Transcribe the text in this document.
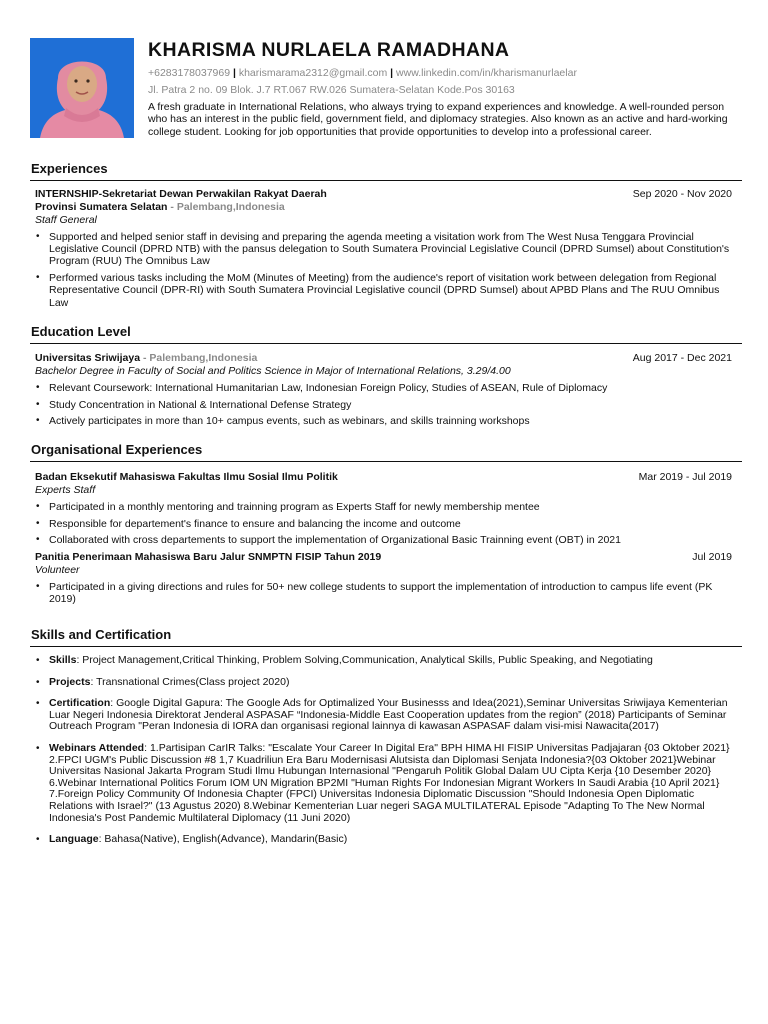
KHARISMA NURLAELA RAMADHANA
+6283178037969 | kharismarama2312@gmail.com | www.linkedin.com/in/kharismanurlaelar
Jl. Patra 2 no. 09 Blok. J.7 RT.067 RW.026 Sumatera-Selatan Kode.Pos 30163
A fresh graduate in International Relations, who always trying to expand experiences and knowledge. A well-rounded person who has an interest in the public field, government field, and diplomacy strategies. Also known as an active and hard-working college student. Looking for job opportunities that provide opportunities to develop into a professional career.
Experiences
INTERNSHIP-Sekretariat Dewan Perwakilan Rakyat Daerah
Provinsi Sumatera Selatan - Palembang,Indonesia
Sep 2020 - Nov 2020
Staff General
• Supported and helped senior staff in devising and preparing the agenda meeting a visitation work from The West Nusa Tenggara Provincial Legislative Council (DPRD NTB) with the pansus delegation to South Sumatera Provincial Legislative Council (DPRD Sumsel) about Constitution's Program (RUU) The Omnibus Law
• Performed various tasks including the MoM (Minutes of Meeting) from the audience's report of visitation work between delegation from Regional Representative Council (DPR-RI) with South Sumatera Provincial Legislative council (DPRD Sumsel) about APBD Plans and The RUU Omnibus Law
Education Level
Universitas Sriwijaya - Palembang,Indonesia	Aug 2017 - Dec 2021
Bachelor Degree in Faculty of Social and Politics Science in Major of International Relations, 3.29/4.00
• Relevant Coursework: International Humanitarian Law, Indonesian Foreign Policy, Studies of ASEAN, Rule of Diplomacy
• Study Concentration in National & International Defense Strategy
• Actively participates in more than 10+ campus events, such as webinars, and skills trainning workshops
Organisational Experiences
Badan Eksekutif Mahasiswa Fakultas Ilmu Sosial Ilmu Politik	Mar 2019 - Jul 2019
Experts Staff
• Participated in a monthly mentoring and trainning program as Experts Staff for newly membership mentee
• Responsible for departement's finance to ensure and balancing the income and outcome
• Collaborated with cross departements to support the implementation of Organizational Basic Trainning event (OBT) in 2021
Panitia Penerimaan Mahasiswa Baru Jalur SNMPTN FISIP Tahun 2019	Jul 2019
Volunteer
• Participated in a giving directions and rules for 50+ new college students to support the implementation of introduction to campus life event (PK 2019)
Skills and Certification
• Skills: Project Management,Critical Thinking, Problem Solving,Communication, Analytical Skills, Public Speaking, and Negotiating
• Projects: Transnational Crimes(Class project 2020)
• Certification: Google Digital Gapura: The Google Ads for Optimalized Your Businesss and Idea(2021),Seminar Universitas Sriwijaya Kementerian Luar Negeri Indonesia Direktorat Jenderal ASPASAF “Indonesia-Middle East Cooperation updates from the region” (2018) Participants of Seminar Outreach Program "Peran Indonesia di IORA dan organisasi regional lainnya di kawasan ASPASAF dalam visi-misi Nawacita(2017)
• Webinars Attended: 1.Partisipan CarIR Talks: "Escalate Your Career In Digital Era" BPH HIMA HI FISIP Universitas Padjajaran {03 Oktober 2021} 2.FPCI UGM's Public Discussion #8 1,7 Kuadriliun Era Baru Modernisasi Alutsista dan Diplomasi Senjata Indonesia?{03 Oktober 2021}Webinar Universitas Nasional Jakarta Program Studi Ilmu Hubungan Internasional "Pengaruh Politik Global Dalam UU Cipta Kerja {10 Desember 2020} 6.Webinar International Politics Forum IOM UN Migration BP2MI "Human Rights For Indonesian Migrant Workers In Saudi Arabia {10 April 2021} 7.Foreign Policy Community Of Indonesia Chapter (FPCI) Universitas Indonesia Diplomatic Discussion "Should Indonesia Open Diplomatic Relations with Israel?" (13 Agustus 2020) 8.Webinar Kementerian Luar negeri SAGA MULTILATERAL Episode "Adapting To The New Normal Indonesia's Post Pandemic Multilateral Diplomacy (11 Juni 2020)
• Language: Bahasa(Native), English(Advance), Mandarin(Basic)
